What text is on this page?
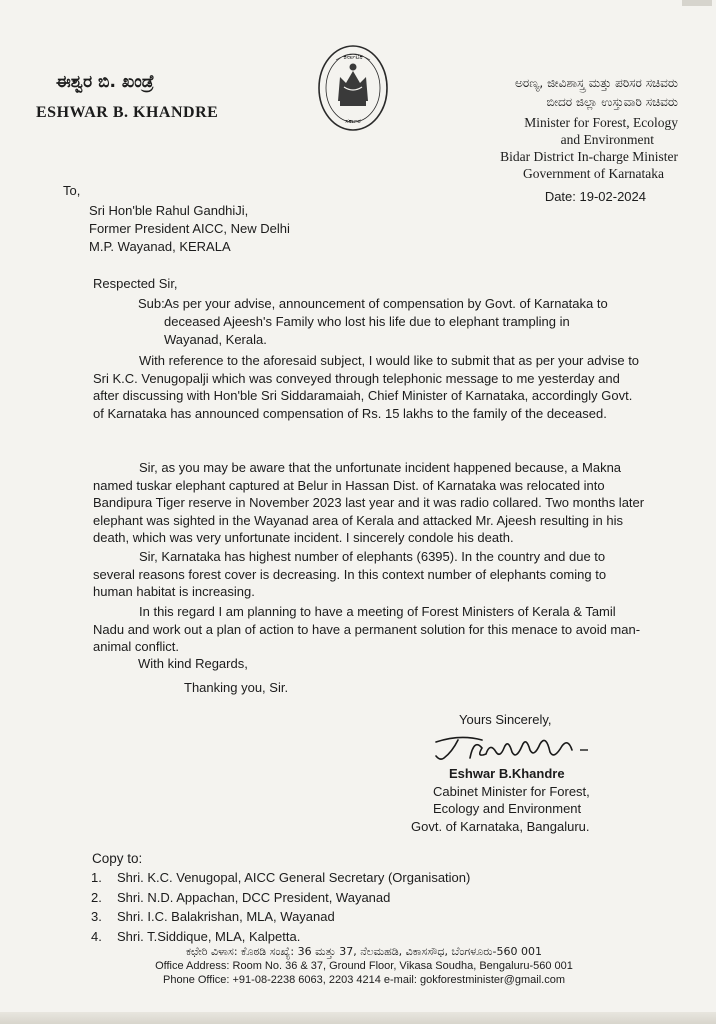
ಈಶ್ವರ ಬಿ. ಖಂಡ್ರೆ
ESHWAR B. KHANDRE
ಕರ್ನಾಟಕ
ಸರ್ಕಾರ
ಅರಣ್ಯ, ಜೀವಿಶಾಸ್ತ್ರ ಮತ್ತು ಪರಿಸರ ಸಚಿವರು
ಬೀದರ ಜಿಲ್ಲಾ ಉಸ್ತುವಾರಿ ಸಚಿವರು
Minister for Forest, Ecology
and Environment
Bidar District In-charge Minister
Government of Karnataka
Date: 19-02-2024
To,
Sri Hon'ble Rahul GandhiJi,
Former President AICC, New Delhi
M.P. Wayanad, KERALA
Respected Sir,
Sub: As per your advise, announcement of compensation by Govt. of Karnataka to deceased Ajeesh's Family who lost his life due to elephant trampling in Wayanad, Kerala.
With reference to the aforesaid subject, I would like to submit that as per your advise to Sri K.C. Venugopalji which was conveyed through telephonic message to me yesterday and after discussing with Hon'ble Sri Siddaramaiah, Chief Minister of Karnataka, accordingly Govt. of Karnataka has announced compensation of Rs. 15 lakhs to the family of the deceased.
Sir, as you may be aware that the unfortunate incident happened because, a Makna named tuskar elephant captured at Belur in Hassan Dist. of Karnataka was relocated into Bandipura Tiger reserve in November 2023 last year and it was radio collared. Two months later elephant was sighted in the Wayanad area of Kerala and attacked Mr. Ajeesh resulting in his death, which was very unfortunate incident. I sincerely condole his death.
Sir, Karnataka has highest number of elephants (6395). In the country and due to several reasons forest cover is decreasing. In this context number of elephants coming to human habitat is increasing.
In this regard I am planning to have a meeting of Forest Ministers of Kerala & Tamil Nadu and work out a plan of action to have a permanent solution for this menace to avoid man- animal conflict.
With kind Regards,
Thanking you, Sir.
Yours Sincerely,
Eshwar B.Khandre
Cabinet Minister for Forest,
Ecology and Environment
Govt. of Karnataka, Bangaluru.
Copy to:
1. Shri. K.C. Venugopal, AICC General Secretary (Organisation)
2. Shri. N.D. Appachan, DCC President, Wayanad
3. Shri. I.C. Balakrishan, MLA, Wayanad
4. Shri. T.Siddique, MLA, Kalpetta.
ಕಛೇರಿ ವಿಳಾಸ: ಕೊಠಡಿ ಸಂಖ್ಯೆ: 36 ಮತ್ತು 37, ನೆಲಮಹಡಿ, ವಿಕಾಸಸೌಧ, ಬೆಂಗಳೂರು-560 001
Office Address: Room No. 36 & 37, Ground Floor, Vikasa Soudha, Bengaluru-560 001
Phone Office: +91-08-2238 6063, 2203 4214 e-mail: gokforestminister@gmail.com
